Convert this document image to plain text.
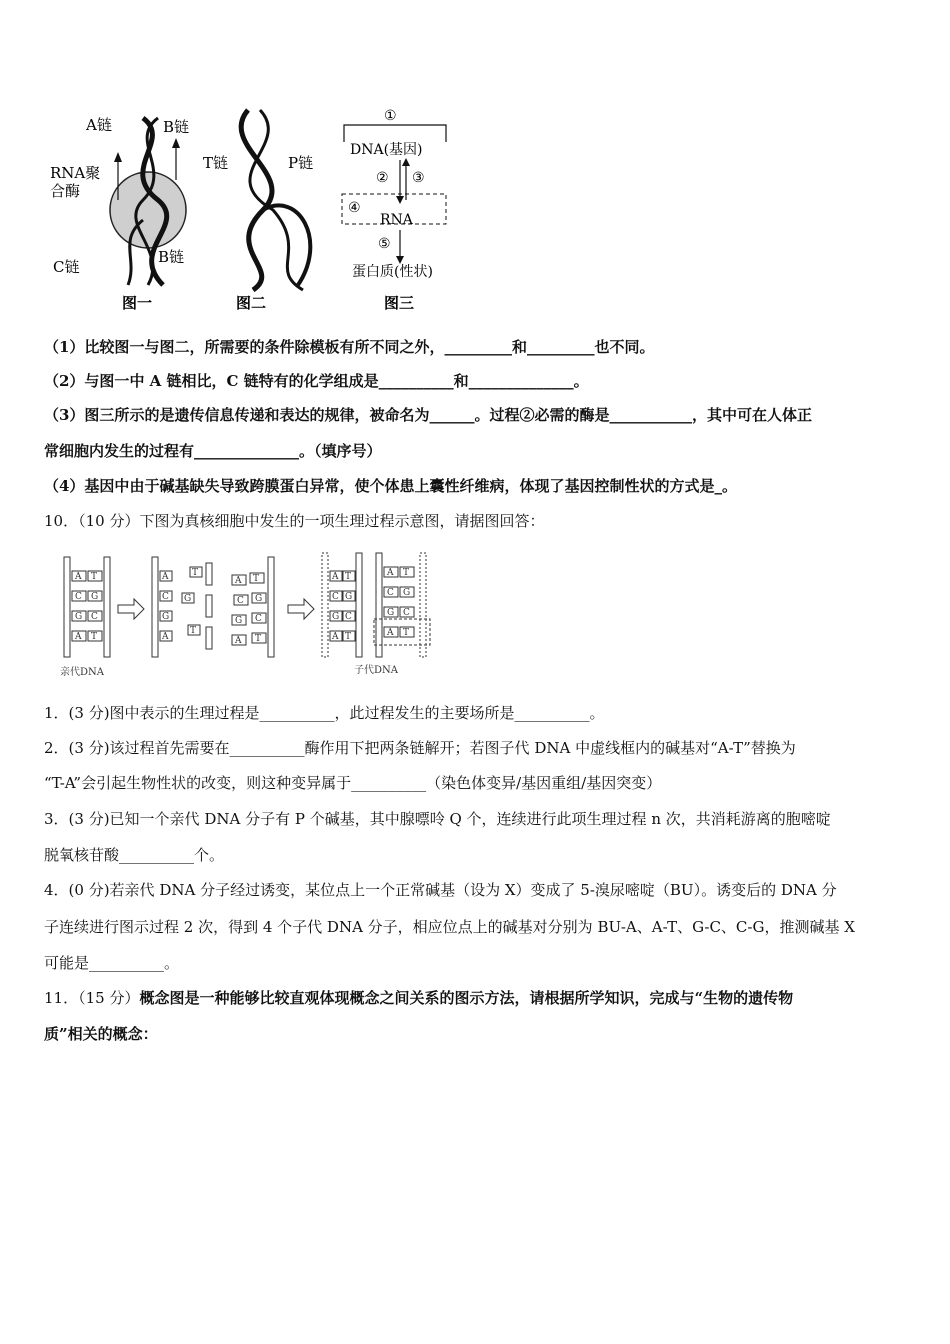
A链	B链
RNA聚
合酶
C链
B链
图一
T链	P链
图二
①
DNA(基因)
② ③
④
RNA
⑤
蛋白质(性状)
图三
（1）比较图一与图二，所需要的条件除模板有所不同之外，_________和_________也不同。
（2）与图一中 A 链相比，C 链特有的化学组成是__________和______________。
（3）图三所示的是遗传信息传递和表达的规律，被命名为______。过程②必需的酶是___________，其中可在人体正
常细胞内发生的过程有______________。（填序号）
（4）基因中由于碱基缺失导致跨膜蛋白异常，使个体患上囊性纤维病，体现了基因控制性状的方式是_。
10．（10 分）下图为真核细胞中发生的一项生理过程示意图，请据图回答：
A T
C G
G C
A T
亲代DNA
A
C
G
A
T
G
T
A T
C G
G C
A T
A T
C G
G C
A T
A T
C G
G C
A T
子代DNA
1．(3 分)图中表示的生理过程是__________，此过程发生的主要场所是__________。
2．(3 分)该过程首先需要在__________酶作用下把两条链解开；若图子代 DNA 中虚线框内的碱基对“A-T”替换为
“T-A”会引起生物性状的改变，则这种变异属于__________（染色体变异/基因重组/基因突变）
3．(3 分)已知一个亲代 DNA 分子有 P 个碱基，其中腺嘌呤 Q 个，连续进行此项生理过程 n 次，共消耗游离的胞嘧啶
脱氧核苷酸__________个。
4．(0 分)若亲代 DNA 分子经过诱变，某位点上一个正常碱基（设为 X）变成了 5-溴尿嘧啶（BU）。诱变后的 DNA 分
子连续进行图示过程 2 次，得到 4 个子代 DNA 分子，相应位点上的碱基对分别为 BU-A、A-T、G-C、C-G，推测碱基 X
可能是__________。
11．（15 分）概念图是一种能够比较直观体现概念之间关系的图示方法，请根据所学知识，完成与“生物的遗传物
质”相关的概念：
